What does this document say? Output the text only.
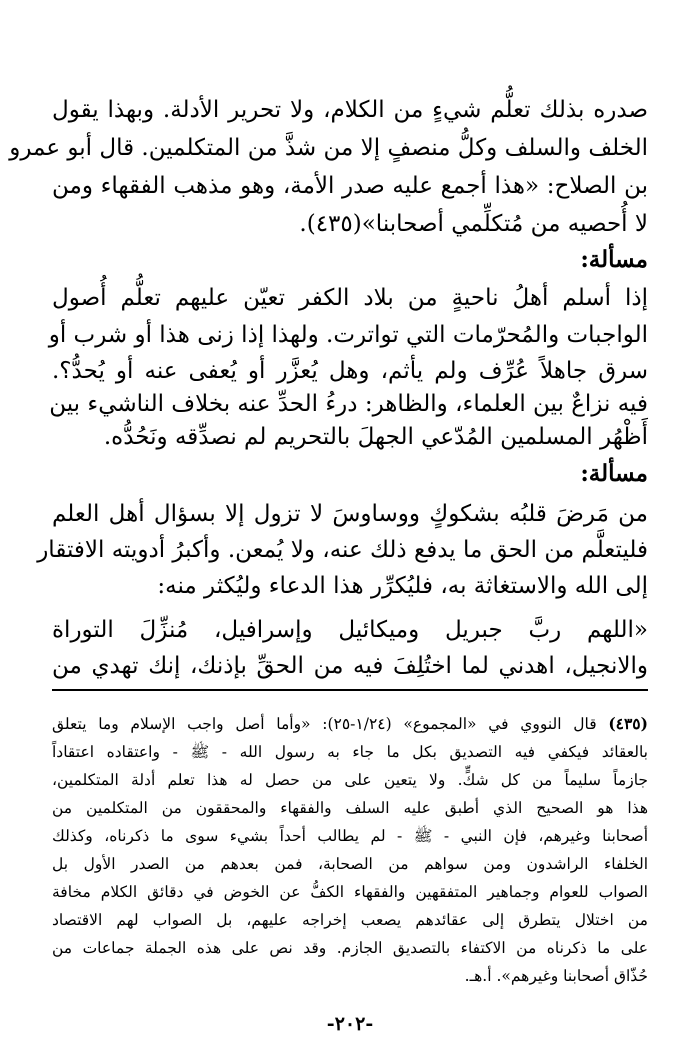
صدره بذلك تعلُّم شيءٍ من الكلام، ولا تحرير الأدلة. وبهذا يقول
الخلف والسلف وكلُّ منصفٍ إلا من شذَّ من المتكلمين. قال أبو عمرو
بن الصلاح: «هذا أجمع عليه صدر الأمة، وهو مذهب الفقهاء ومن
لا أُحصيه من مُتكلِّمي أصحابنا»(٤٣٥).
مسألة:
إذا أسلم أهلُ ناحيةٍ من بلاد الكفر تعيّن عليهم تعلُّم أُصول
الواجبات والمُحرّمات التي تواترت. ولهذا إذا زنى هذا أو شرب أو
سرق جاهلاً عُرِّف ولم يأثم، وهل يُعزَّر أو يُعفى عنه أو يُحدُّ؟.
فيه نزاعٌ بين العلماء، والظاهر: درءُ الحدِّ عنه بخلاف الناشيء بين
أَظْهُر المسلمين المُدّعي الجهلَ بالتحريم لم نصدِّقه ونَحُدُّه.
مسألة:
من مَرضَ قلبُه بشكوكٍ ووساوسَ لا تزول إلا بسؤال أهل العلم
فليتعلَّم من الحق ما يدفع ذلك عنه، ولا يُمعن. وأكبرُ أدويته الافتقار
إلى الله والاستغاثة به، فليُكرِّر هذا الدعاء وليُكثر منه:
«اللهم ربَّ جبريل وميكائيل وإسرافيل، مُنزِّلَ التوراة
والانجيل، اهدني لما اختُلِفَ فيه من الحقِّ بإذنك، إنك تهدي من
(٤٣٥) قال النووي في «المجموع» (١/٢٤-٢٥): «وأما أصل واجب الإسلام وما يتعلق
بالعقائد فيكفي فيه التصديق بكل ما جاء به رسول الله - ﷺ - واعتقاده اعتقاداً
جازماً سليماً من كل شكٍّ. ولا يتعين على من حصل له هذا تعلم أدلة المتكلمين،
هذا هو الصحيح الذي أطبق عليه السلف والفقهاء والمحققون من المتكلمين من
أصحابنا وغيرهم، فإن النبي - ﷺ - لم يطالب أحداً بشيء سوى ما ذكرناه، وكذلك
الخلفاء الراشدون ومن سواهم من الصحابة، فمن بعدهم من الصدر الأول بل
الصواب للعوام وجماهير المتفقهين والفقهاء الكفُّ عن الخوض في دقائق الكلام مخافة
من اختلال يتطرق إلى عقائدهم يصعب إخراجه عليهم، بل الصواب لهم الاقتصاد
على ما ذكرناه من الاكتفاء بالتصديق الجازم. وقد نص على هذه الجملة جماعات من
حُذّاق أصحابنا وغيرهم». أ.هـ.
-٢٠٢-
